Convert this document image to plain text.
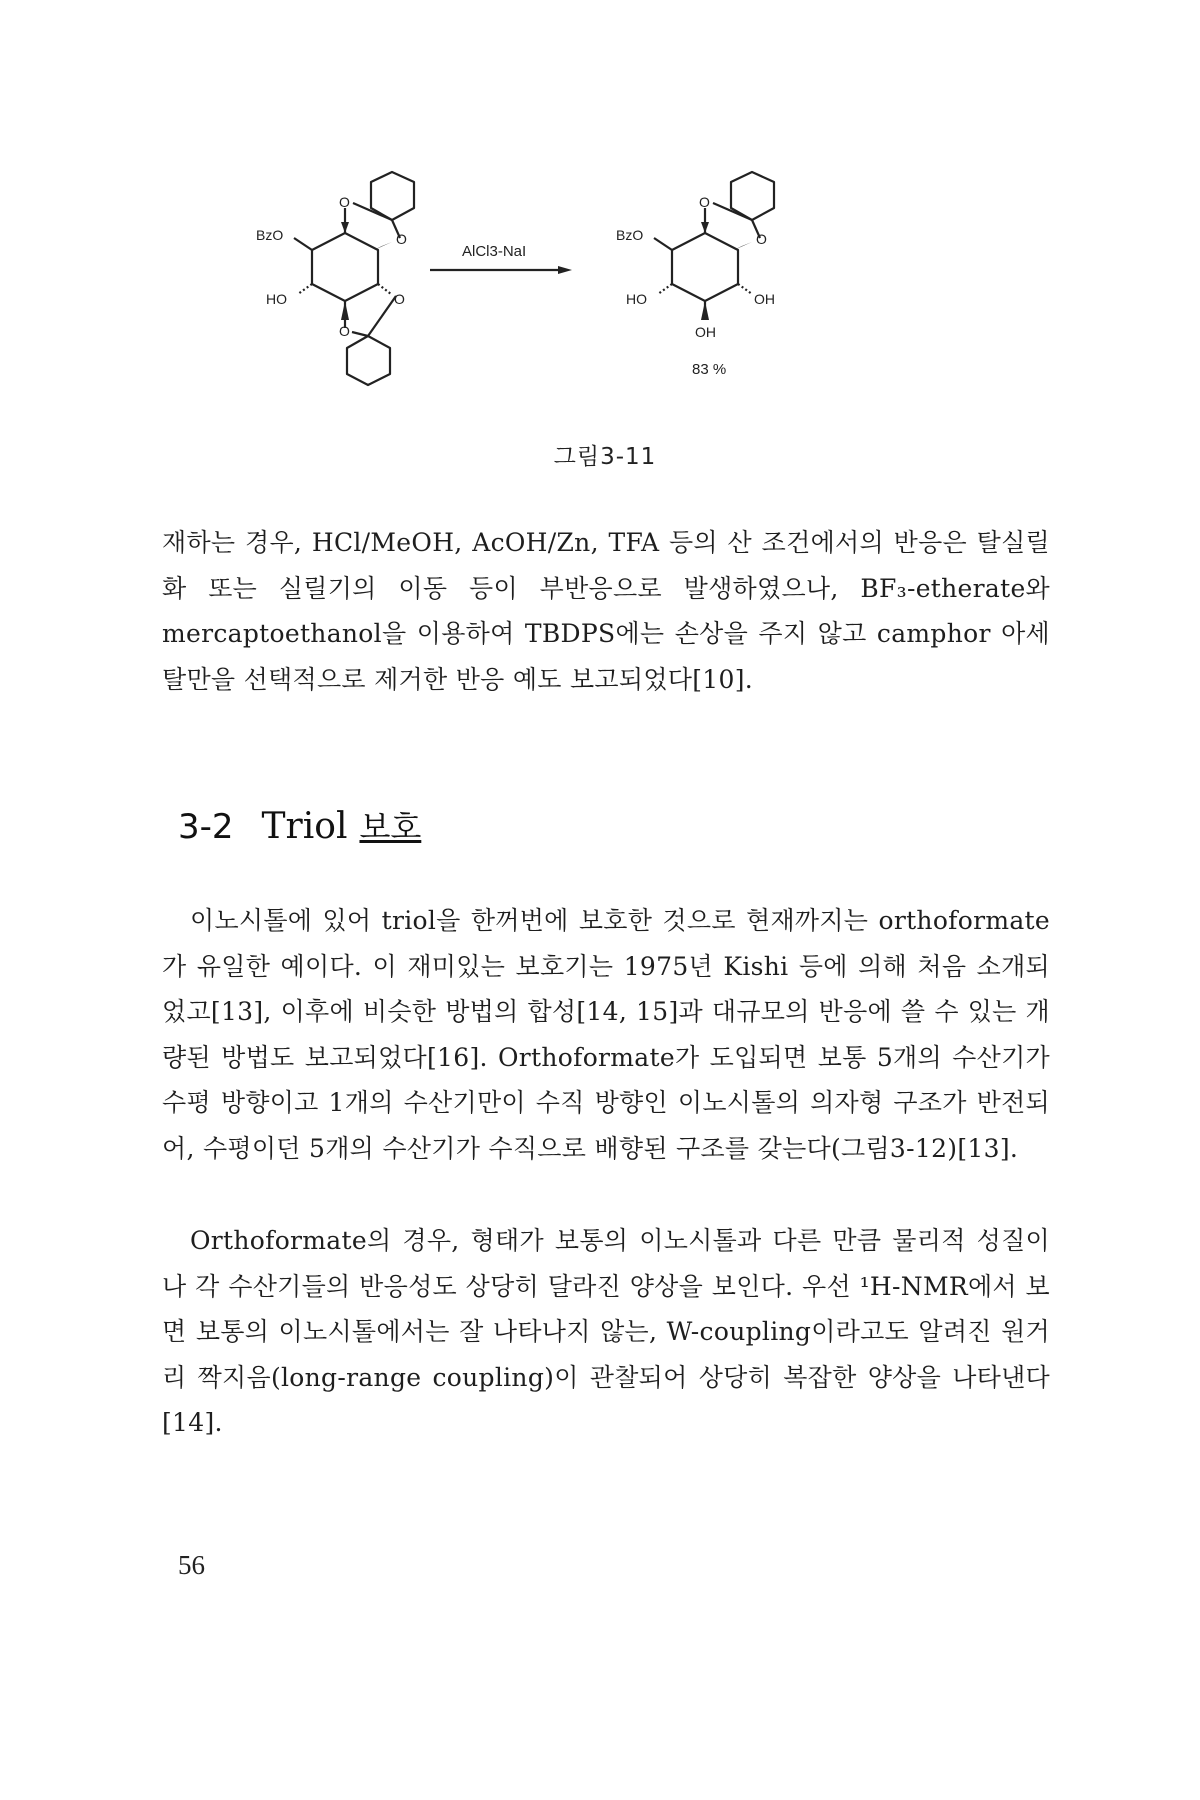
O
O
BzO
HO	O
O
AlCl3-NaI
O
O
BzO
HO	OH
OH
83 %
그림3-11

재하는 경우, HCl/MeOH, AcOH/Zn, TFA 등의 산 조건에서의 반응은 탈실릴화 또는 실릴기의 이동 등이 부반응으로 발생하였으나, BF₃-etherate와 mercaptoethanol을 이용하여 TBDPS에는 손상을 주지 않고 camphor 아세탈만을 선택적으로 제거한 반응 예도 보고되었다[10].

3-2 Triol 보호

이노시톨에 있어 triol을 한꺼번에 보호한 것으로 현재까지는 orthoformate가 유일한 예이다. 이 재미있는 보호기는 1975년 Kishi 등에 의해 처음 소개되었고[13], 이후에 비슷한 방법의 합성[14, 15]과 대규모의 반응에 쓸 수 있는 개량된 방법도 보고되었다[16]. Orthoformate가 도입되면 보통 5개의 수산기가 수평 방향이고 1개의 수산기만이 수직 방향인 이노시톨의 의자형 구조가 반전되어, 수평이던 5개의 수산기가 수직으로 배향된 구조를 갖는다(그림3-12)[13].

Orthoformate의 경우, 형태가 보통의 이노시톨과 다른 만큼 물리적 성질이나 각 수산기들의 반응성도 상당히 달라진 양상을 보인다. 우선 ¹H-NMR에서 보면 보통의 이노시톨에서는 잘 나타나지 않는, W-coupling이라고도 알려진 원거리 짝지음(long-range coupling)이 관찰되어 상당히 복잡한 양상을 나타낸다[14].

56
